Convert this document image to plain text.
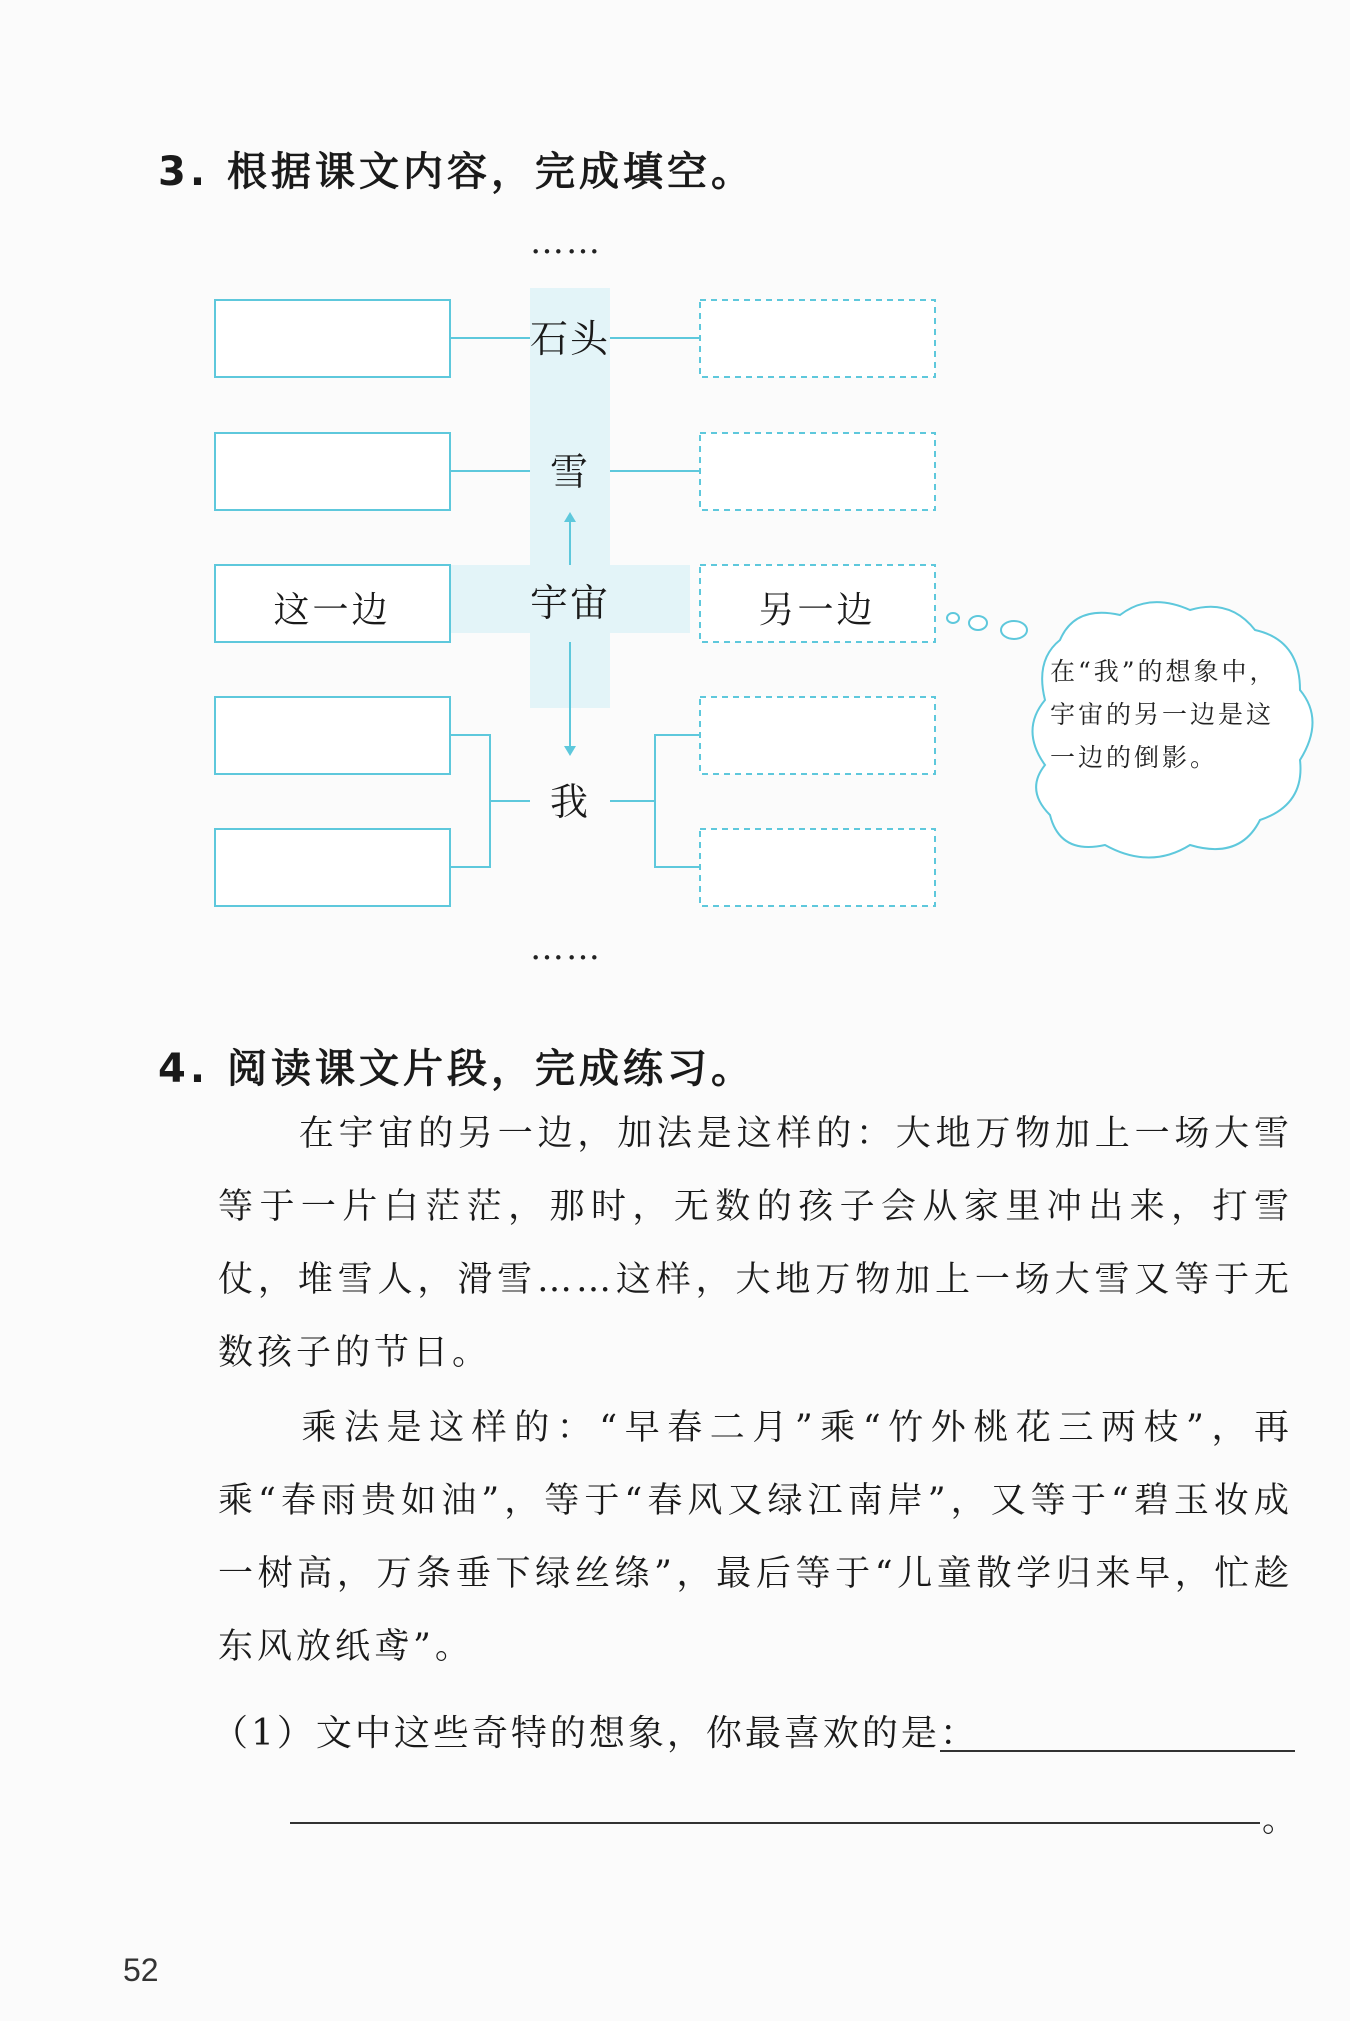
3. 根据课文内容，完成填空。
……
石头
雪
宇宙
我
这一边	另一边
在“我”的想象中，宇宙的另一边是这一边的倒影。
……
4. 阅读课文片段，完成练习。
在宇宙的另一边，加法是这样的：大地万物加上一场大雪等于一片白茫茫，那时，无数的孩子会从家里冲出来，打雪仗，堆雪人，滑雪……这样，大地万物加上一场大雪又等于无数孩子的节日。
乘法是这样的：“早春二月”乘“竹外桃花三两枝”，再乘“春雨贵如油”，等于“春风又绿江南岸”，又等于“碧玉妆成一树高，万条垂下绿丝绦”，最后等于“儿童散学归来早，忙趁东风放纸鸢”。
（1）文中这些奇特的想象，你最喜欢的是：
。
52
